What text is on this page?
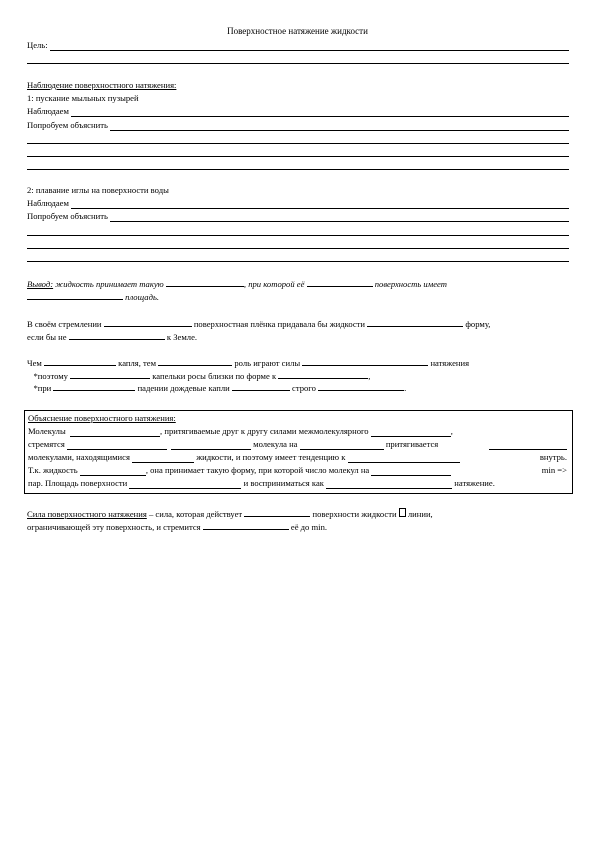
Поверхностное натяжение жидкости
Цель:
Наблюдение поверхностного натяжения:
1: пускание мыльных пузырей
Наблюдаем
Попробуем объяснить
2: плавание иглы на поверхности воды
Наблюдаем
Попробуем объяснить
Вывод: жидкость принимает такую	, при которой её	поверхность имеет
площадь.
В своём стремлении	поверхностная плёнка придавала бы жидкости	форму,
если бы не	к Земле.
Чем	капля, тем	роль играют силы	натяжения
*поэтому	капельки росы близки по форме к	,
*при	падении дождевые капли	строго	.
Объяснение поверхностного натяжения:
Молекулы
	, притягиваемые друг к другу силами межмолекулярного
	,
стремятся

	молекула на

	притягивается
молекулами, находящимися

	жидкости, и поэтому имеет тенденцию к
	внутрь.
Т.к. жидкость
	, она принимает такую форму, при которой число молекул на
	min =>
пар. Площадь поверхности

	и восприниматься как

	натяжение.
Сила поверхностного натяжения – сила, которая действует	поверхности жидкости линии,
ограничивающей эту поверхность, и стремится	её до min.
